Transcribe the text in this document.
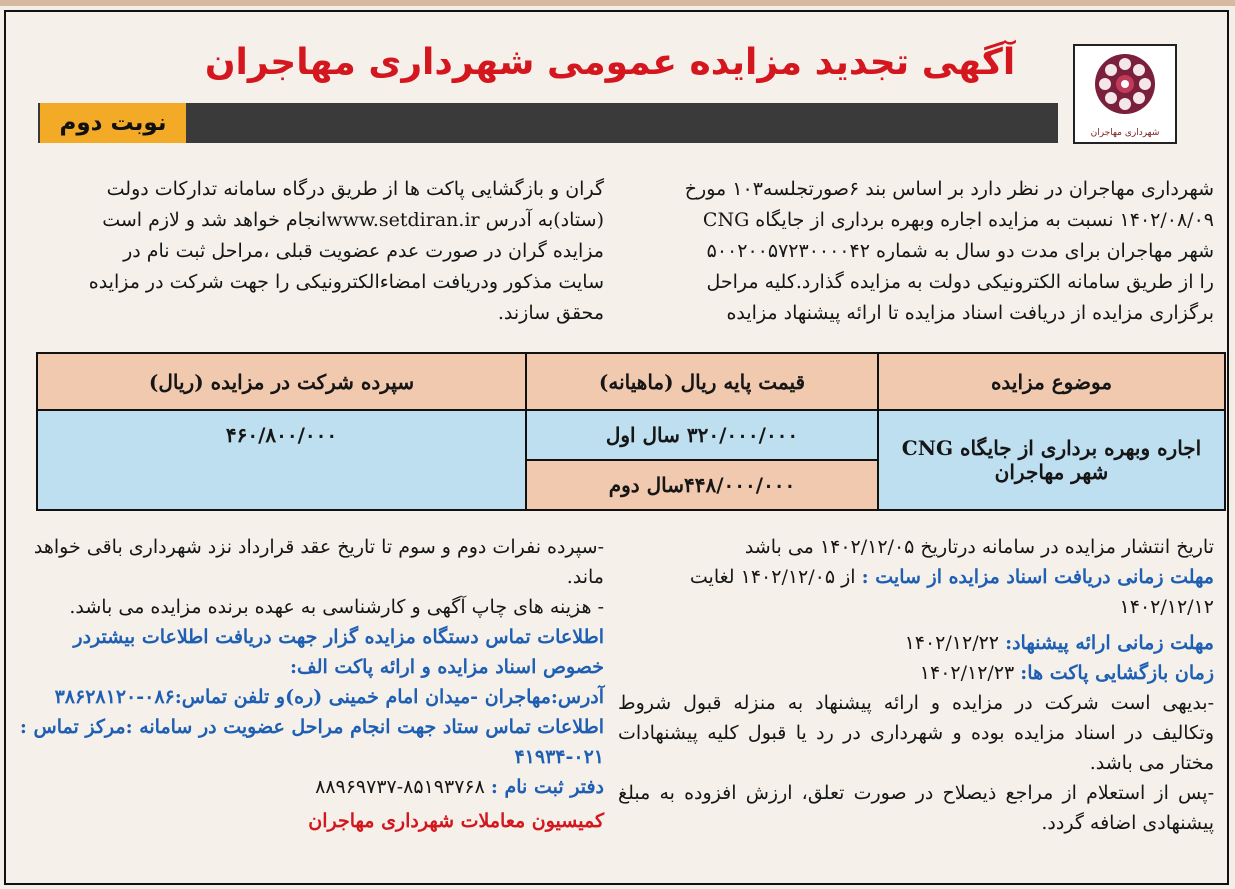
شهرداری مهاجران
آگهی تجدید مزایده عمومی شهرداری مهاجران
نوبت دوم
شهرداری مهاجران در نظر دارد بر اساس بند ۶صورتجلسه۱۰۳ مورخ
۱۴۰۲/۰۸/۰۹ نسبت به مزایده اجاره وبهره برداری از جایگاه CNG
شهر مهاجران برای مدت دو سال به شماره ۵۰۰۲۰۰۵۷۲۳۰۰۰۰۴۲
را از طریق سامانه الکترونیکی دولت به مزایده گذارد.کلیه مراحل
برگزاری مزایده از دریافت اسناد مزایده تا ارائه پیشنهاد مزایده
گران و بازگشایی پاکت ها از طریق درگاه سامانه تدارکات دولت
(ستاد)به آدرس www.setdiran.irانجام خواهد شد و لازم است
مزایده گران در صورت عدم عضویت قبلی ،مراحل ثبت نام در
سایت مذکور ودریافت امضاءالکترونیکی را جهت شرکت در مزایده
محقق سازند.
موضوع مزایده	قیمت پایه ریال (ماهیانه)	سپرده شرکت در مزایده (ریال)
اجاره وبهره برداری از جایگاه CNG شهر مهاجران	۳۲۰/۰۰۰/۰۰۰ سال اول	۴۶۰/۸۰۰/۰۰۰
	۴۴۸/۰۰۰/۰۰۰سال دوم	
تاریخ انتشار مزایده در سامانه درتاریخ ۱۴۰۲/۱۲/۰۵ می باشد
مهلت زمانی دریافت اسناد مزایده از سایت : از ۱۴۰۲/۱۲/۰۵ لغایت ۱۴۰۲/۱۲/۱۲
مهلت زمانی ارائه پیشنهاد: ۱۴۰۲/۱۲/۲۲
زمان بازگشایی پاکت ها: ۱۴۰۲/۱۲/۲۳
-بدیهی است شرکت در مزایده و ارائه پیشنهاد به منزله قبول شروط وتکالیف در اسناد مزایده بوده و شهرداری در رد یا قبول کلیه پیشنهادات مختار می باشد.
-پس از استعلام از مراجع ذیصلاح در صورت تعلق، ارزش افزوده به مبلغ پیشنهادی اضافه گردد.
-سپرده نفرات دوم و سوم تا تاریخ عقد قرارداد نزد شهرداری باقی خواهد ماند.
- هزینه های چاپ آگهی و کارشناسی به عهده برنده مزایده می باشد.
اطلاعات تماس دستگاه مزایده گزار جهت دریافت اطلاعات بیشتردر خصوص اسناد مزایده و ارائه پاکت الف:
آدرس:مهاجران -میدان امام خمینی (ره)و تلفن تماس:۰۸۶-۳۸۶۲۸۱۲۰
اطلاعات تماس ستاد جهت انجام مراحل عضویت در سامانه :مرکز تماس : ۰۲۱-۴۱۹۳۴
دفتر ثبت نام : ۸۵۱۹۳۷۶۸-۸۸۹۶۹۷۳۷
کمیسیون معاملات شهرداری مهاجران
